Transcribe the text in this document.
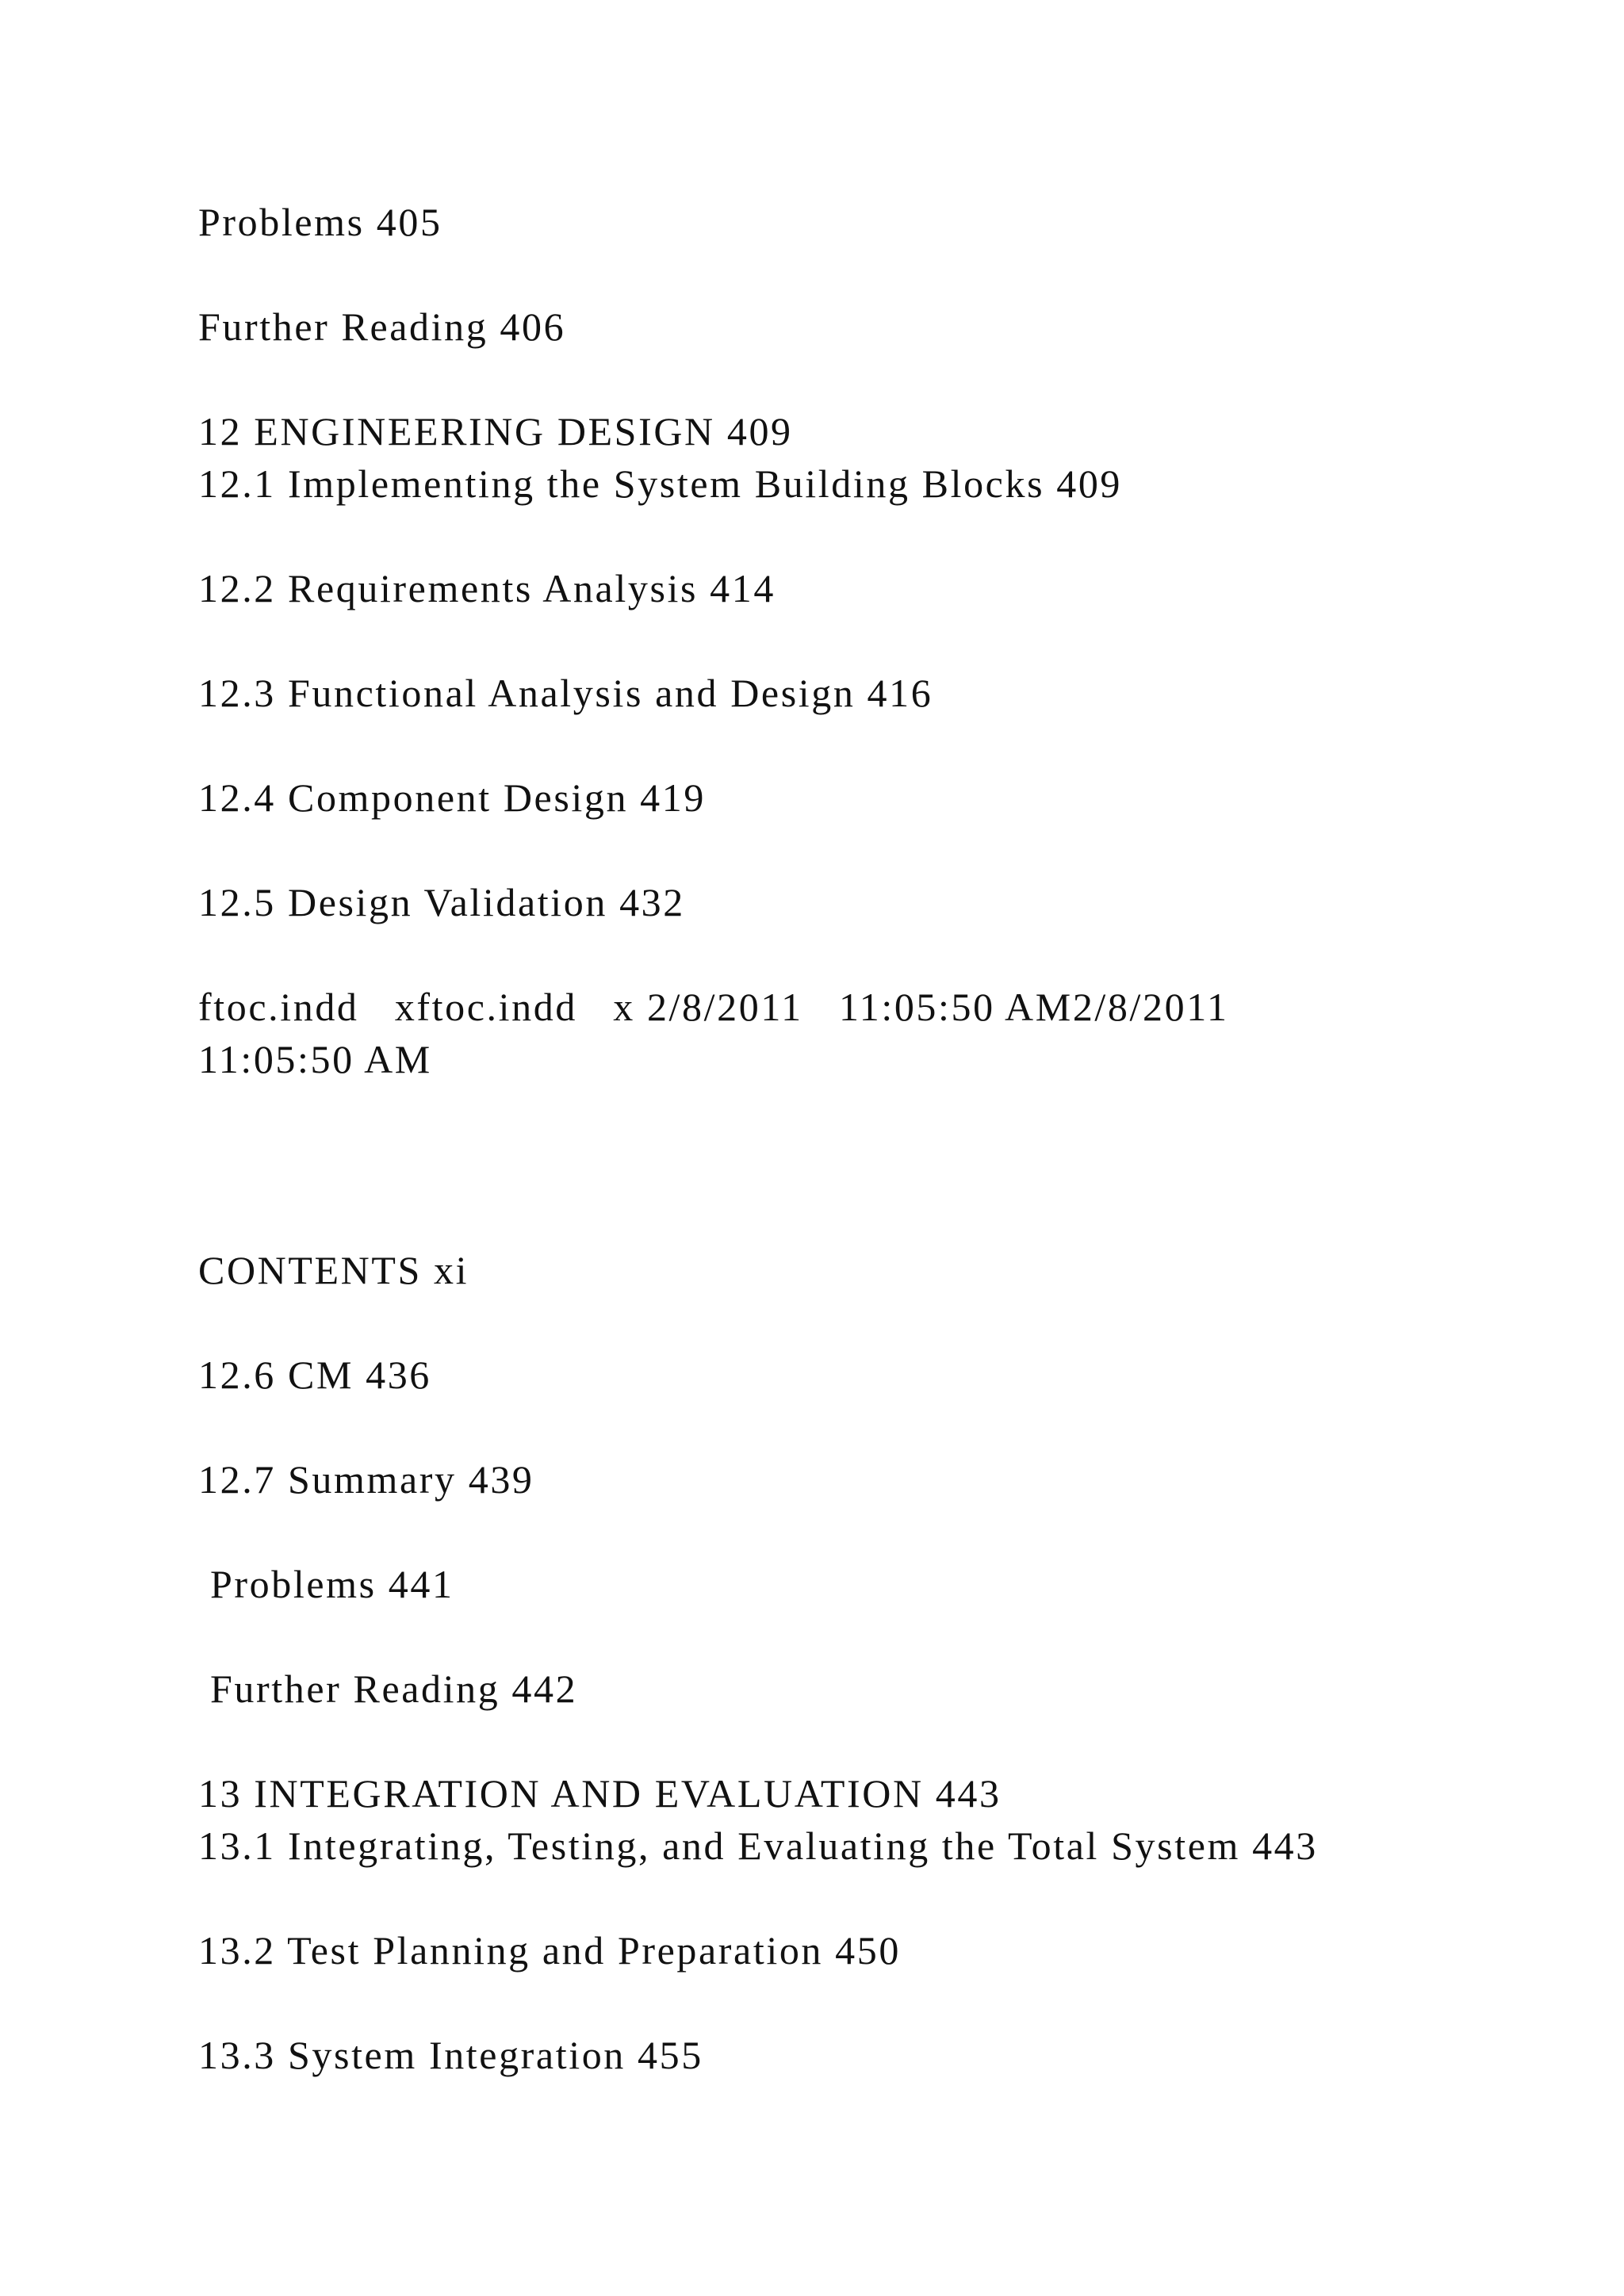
Problems 405

Further Reading 406

12 ENGINEERING DESIGN 409

12.1 Implementing the System Building Blocks 409

12.2 Requirements Analysis 414

12.3 Functional Analysis and Design 416

12.4 Component Design 419

12.5 Design Validation 432

ftoc.indd   xftoc.indd   x 2/8/2011   11:05:50 AM2/8/2011

11:05:50 AM

CONTENTS xi

12.6 CM 436

12.7 Summary 439

Problems 441

Further Reading 442

13 INTEGRATION AND EVALUATION 443

13.1 Integrating, Testing, and Evaluating the Total System 443

13.2 Test Planning and Preparation 450

13.3 System Integration 455
